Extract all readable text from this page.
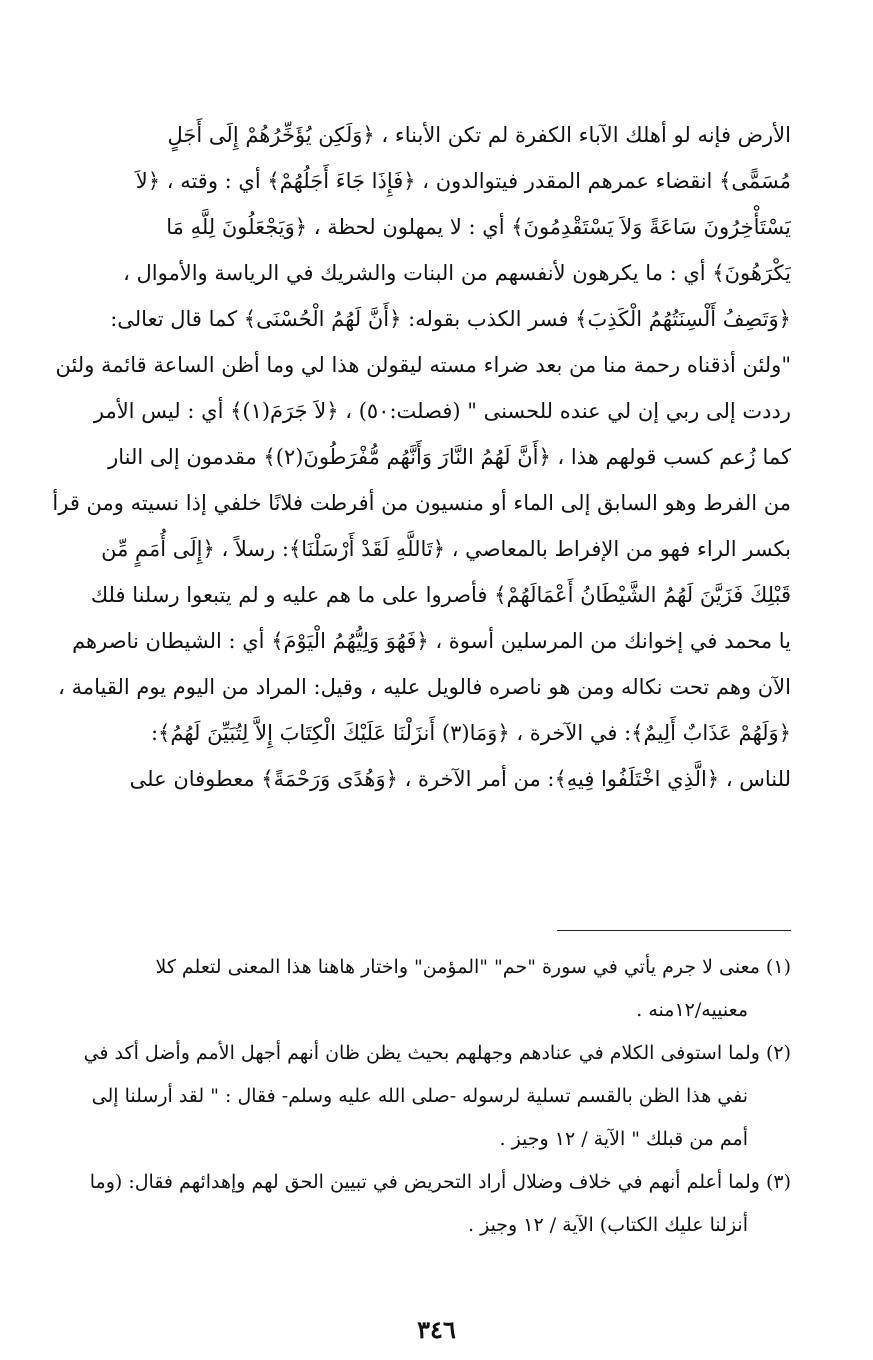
الأرض فإنه لو أهلك الآباء الكفرة لم تكن الأبناء ، ﴿وَلَكِن يُؤَخِّرُهُمْ إِلَى أَجَلٍ
مُسَمًّى﴾ انقضاء عمرهم المقدر فيتوالدون ، ﴿فَإِذَا جَاءَ أَجَلُهُمْ﴾ أي : وقته ، ﴿لاَ
يَسْتَأْخِرُونَ سَاعَةً وَلاَ يَسْتَقْدِمُونَ﴾ أي : لا يمهلون لحظة ، ﴿وَيَجْعَلُونَ لِلَّهِ مَا
يَكْرَهُونَ﴾ أي : ما يكرهون لأنفسهم من البنات والشريك في الرياسة والأموال ،
﴿وَتَصِفُ أَلْسِنَتُهُمُ الْكَذِبَ﴾ فسر الكذب بقوله: ﴿أَنَّ لَهُمُ الْحُسْنَى﴾ كما قال تعالى:
"ولئن أذقناه رحمة منا من بعد ضراء مسته ليقولن هذا لي وما أظن الساعة قائمة ولئن
رددت إلى ربي إن لي عنده للحسنى " (فصلت:٥٠) ، ﴿لاَ جَرَمَ(١)﴾ أي : ليس الأمر
كما زُعم كسب قولهم هذا ، ﴿أَنَّ لَهُمُ النَّارَ وَأَنَّهُم مُّفْرَطُونَ(٢)﴾ مقدمون إلى النار
من الفرط وهو السابق إلى الماء أو منسيون من أفرطت فلانًا خلفي إذا نسيته ومن قرأ
بكسر الراء فهو من الإفراط بالمعاصي ، ﴿تَاللَّهِ لَقَدْ أَرْسَلْنَا﴾: رسلاً ، ﴿إِلَى أُمَمٍ مِّن
قَبْلِكَ فَزَيَّنَ لَهُمُ الشَّيْطَانُ أَعْمَالَهُمْ﴾ فأصروا على ما هم عليه و لم يتبعوا رسلنا فلك
يا محمد في إخوانك من المرسلين أسوة ، ﴿فَهُوَ وَلِيُّهُمُ الْيَوْمَ﴾ أي : الشيطان ناصرهم
الآن وهم تحت نكاله ومن هو ناصره فالويل عليه ، وقيل: المراد من اليوم يوم القيامة ،
﴿وَلَهُمْ عَذَابٌ أَلِيمٌ﴾: في الآخرة ، ﴿وَمَا(٣) أَنزَلْنَا عَلَيْكَ الْكِتَابَ إِلاَّ لِتُبَيِّنَ لَهُمُ﴾:
للناس ، ﴿الَّذِي اخْتَلَفُوا فِيهِ﴾: من أمر الآخرة ، ﴿وَهُدًى وَرَحْمَةً﴾ معطوفان على
(١) معنى لا جرم يأتي في سورة "حم" "المؤمن" واختار هاهنا هذا المعنى لتعلم كلا
معنييه/١٢منه .
(٢) ولما استوفى الكلام في عنادهم وجهلهم بحيث يظن ظان أنهم أجهل الأمم وأضل أكد في
نفي هذا الظن بالقسم تسلية لرسوله -صلى الله عليه وسلم- فقال : " لقد أرسلنا إلى
أمم من قبلك " الآية / ١٢ وجيز .
(٣) ولما أعلم أنهم في خلاف وضلال أراد التحريض في تبيين الحق لهم وإهدائهم فقال: (وما
أنزلنا عليك الكتاب) الآية / ١٢ وجيز .
٣٤٦
